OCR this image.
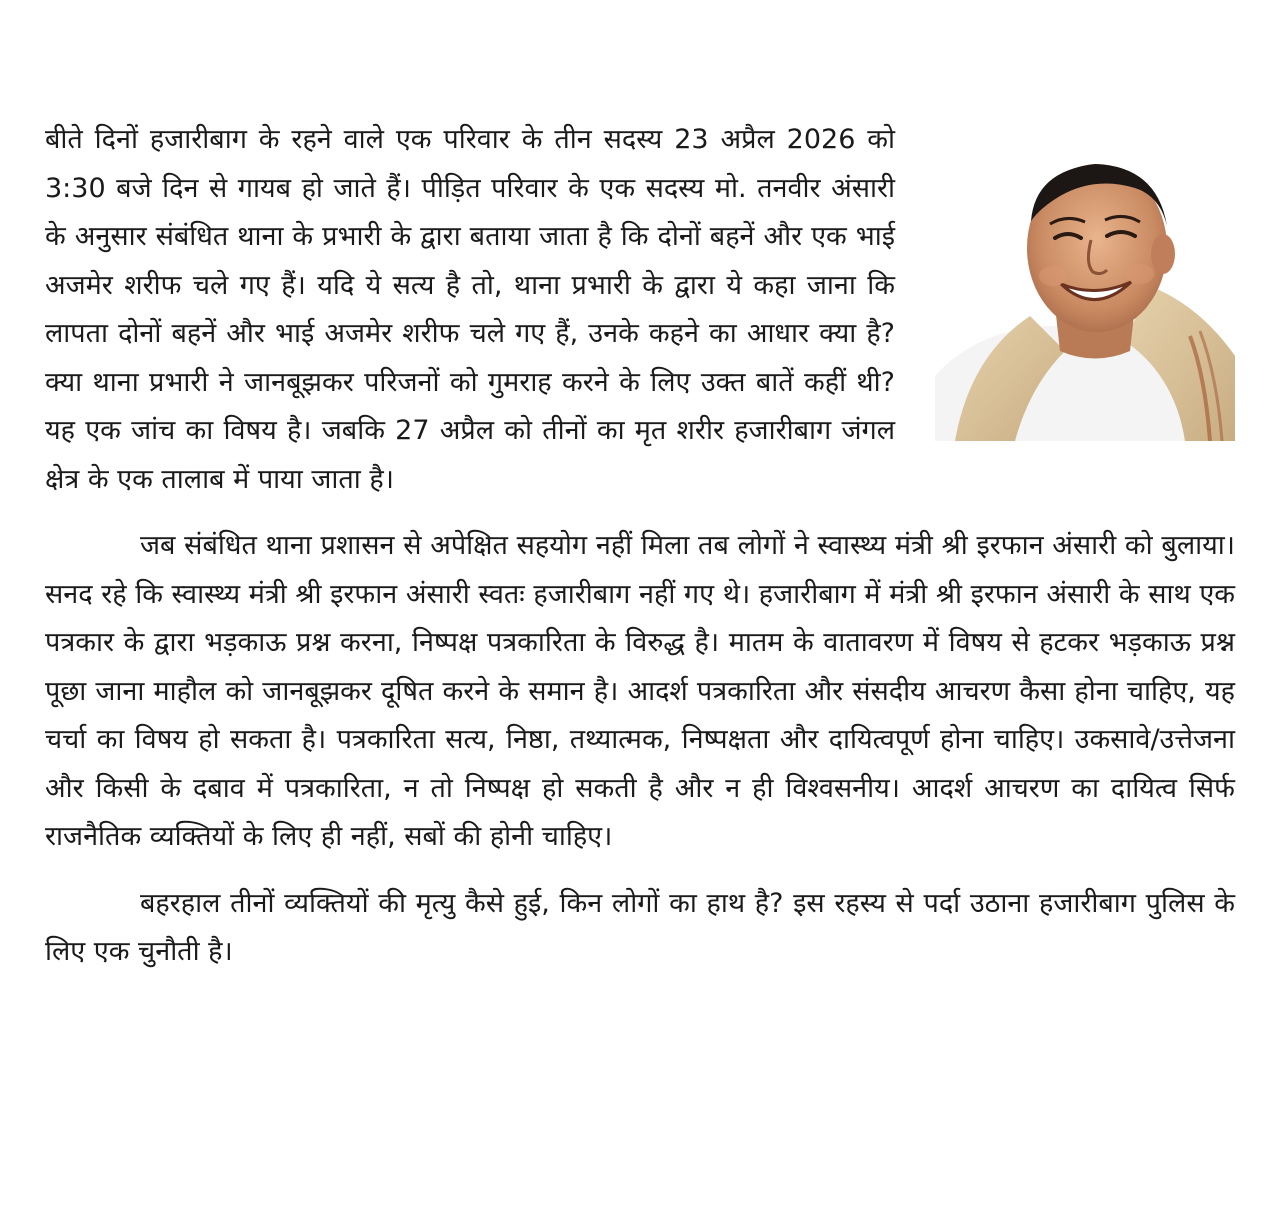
बीते दिनों हजारीबाग के रहने वाले एक परिवार के तीन सदस्य 23 अप्रैल 2026 को 3:30 बजे दिन से गायब हो जाते हैं। पीड़ित परिवार के एक सदस्य मो. तनवीर अंसारी के अनुसार संबंधित थाना के प्रभारी के द्वारा बताया जाता है कि दोनों बहनें और एक भाई अजमेर शरीफ चले गए हैं। यदि ये सत्य है तो, थाना प्रभारी के द्वारा ये कहा जाना कि लापता दोनों बहनें और भाई अजमेर शरीफ चले गए हैं, उनके कहने का आधार क्या है? क्या थाना प्रभारी ने जानबूझकर परिजनों को गुमराह करने के लिए उक्त बातें कहीं थी? यह एक जांच का विषय है। जबकि 27 अप्रैल को तीनों का मृत शरीर हजारीबाग जंगल क्षेत्र के एक तालाब में पाया जाता है।

जब संबंधित थाना प्रशासन से अपेक्षित सहयोग नहीं मिला तब लोगों ने स्वास्थ्य मंत्री श्री इरफान अंसारी को बुलाया। सनद रहे कि स्वास्थ्य मंत्री श्री इरफान अंसारी स्वतः हजारीबाग नहीं गए थे। हजारीबाग में मंत्री श्री इरफान अंसारी के साथ एक पत्रकार के द्वारा भड़काऊ प्रश्न करना, निष्पक्ष पत्रकारिता के विरुद्ध है। मातम के वातावरण में विषय से हटकर भड़काऊ प्रश्न पूछा जाना माहौल को जानबूझकर दूषित करने के समान है। आदर्श पत्रकारिता और संसदीय आचरण कैसा होना चाहिए, यह चर्चा का विषय हो सकता है। पत्रकारिता सत्य, निष्ठा, तथ्यात्मक, निष्पक्षता और दायित्वपूर्ण होना चाहिए। उकसावे/उत्तेजना और किसी के दबाव में पत्रकारिता, न तो निष्पक्ष हो सकती है और न ही विश्वसनीय। आदर्श आचरण का दायित्व सिर्फ राजनैतिक व्यक्तियों के लिए ही नहीं, सबों की होनी चाहिए।

बहरहाल तीनों व्यक्तियों की मृत्यु कैसे हुई, किन लोगों का हाथ है? इस रहस्य से पर्दा उठाना हजारीबाग पुलिस के लिए एक चुनौती है।
